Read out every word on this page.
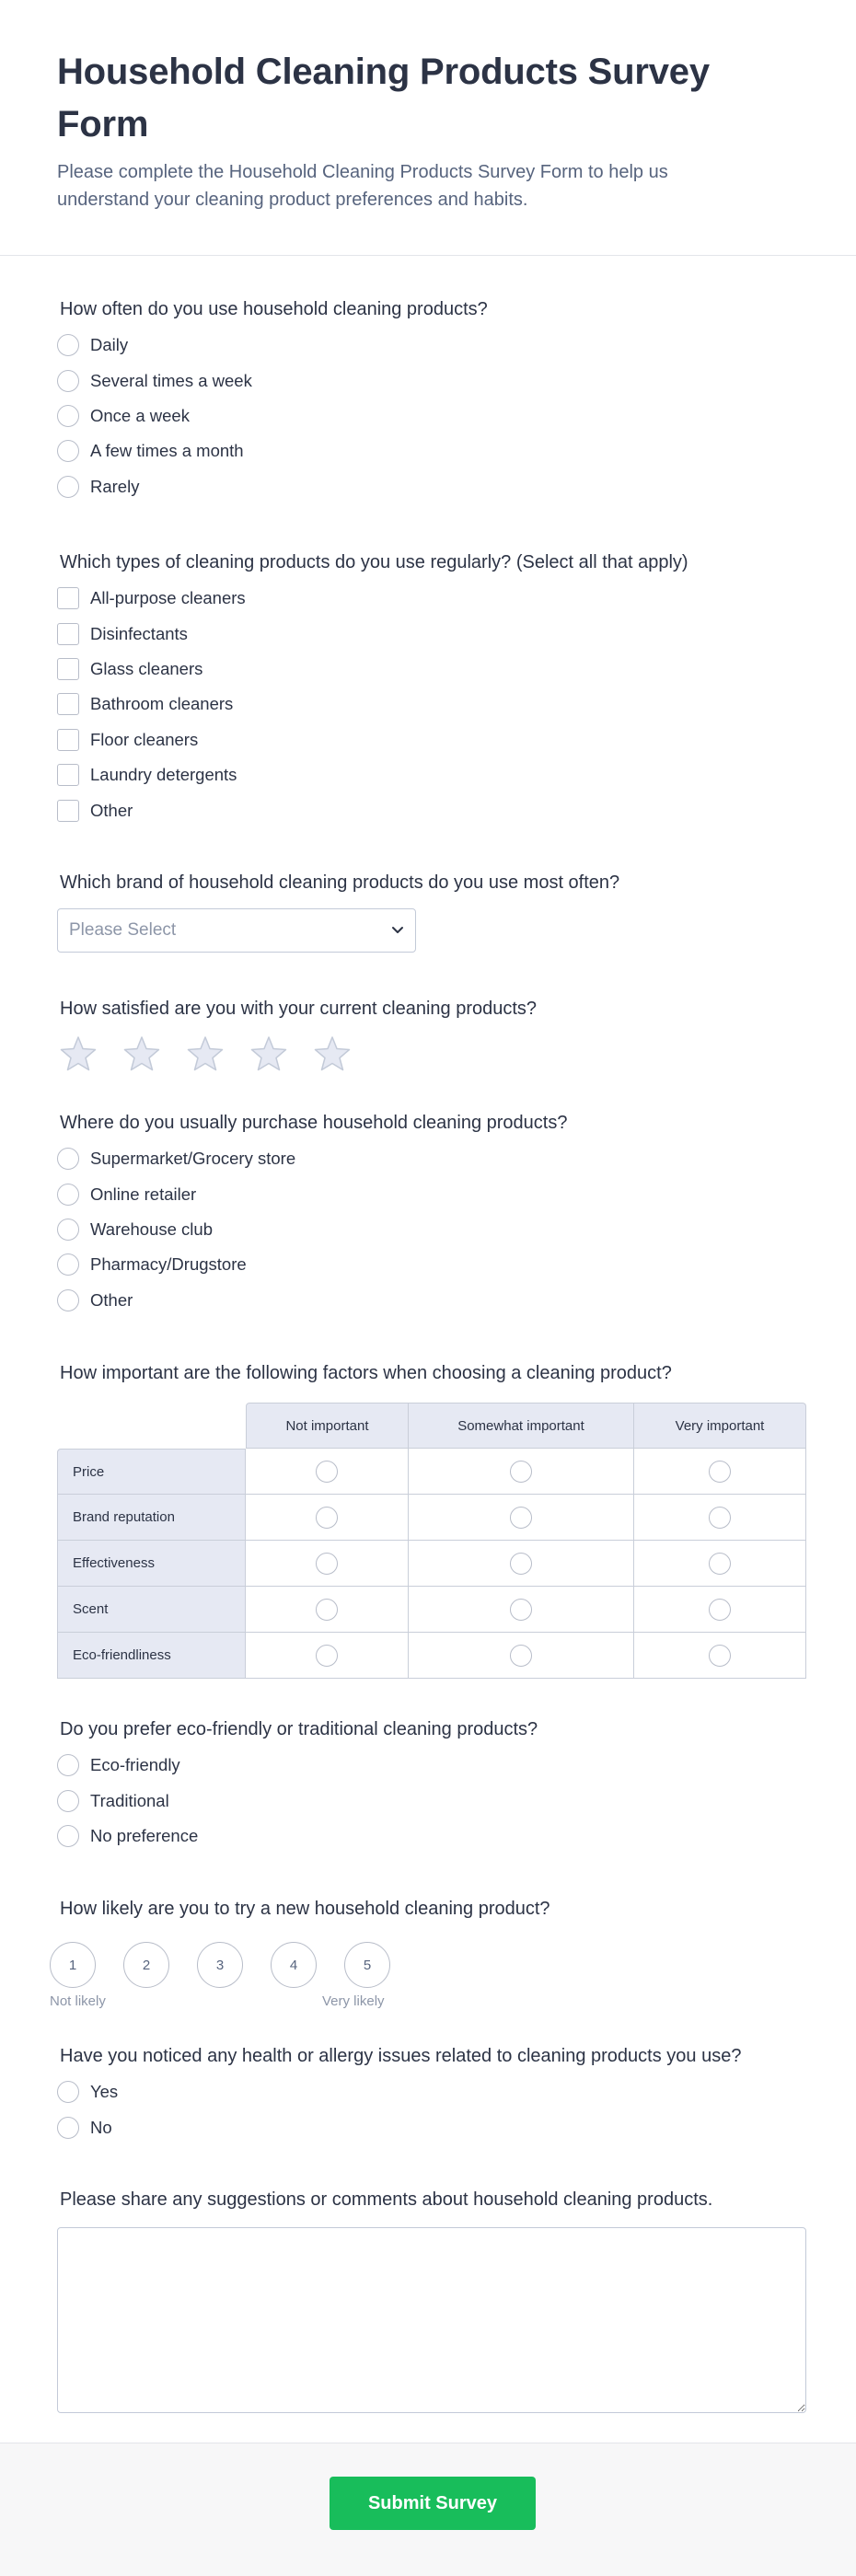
Household Cleaning Products Survey Form

Please complete the Household Cleaning Products Survey Form to help us understand your cleaning product preferences and habits.

How often do you use household cleaning products?
Daily
Several times a week
Once a week
A few times a month
Rarely
Which types of cleaning products do you use regularly? (Select all that apply)
All-purpose cleaners
Disinfectants
Glass cleaners
Bathroom cleaners
Floor cleaners
Laundry detergents
Other
Which brand of household cleaning products do you use most often?
Please Select
How satisfied are you with your current cleaning products?
Where do you usually purchase household cleaning products?
Supermarket/Grocery store
Online retailer
Warehouse club
Pharmacy/Drugstore
Other
How important are the following factors when choosing a cleaning product?
	Not important	Somewhat important	Very important
Price			
Brand reputation			
Effectiveness			
Scent			
Eco-friendliness			
Do you prefer eco-friendly or traditional cleaning products?
Eco-friendly
Traditional
No preference
How likely are you to try a new household cleaning product?
1	2	3	4	5
Not likely	Very likely
Have you noticed any health or allergy issues related to cleaning products you use?
Yes
No
Please share any suggestions or comments about household cleaning products.
Submit Survey
